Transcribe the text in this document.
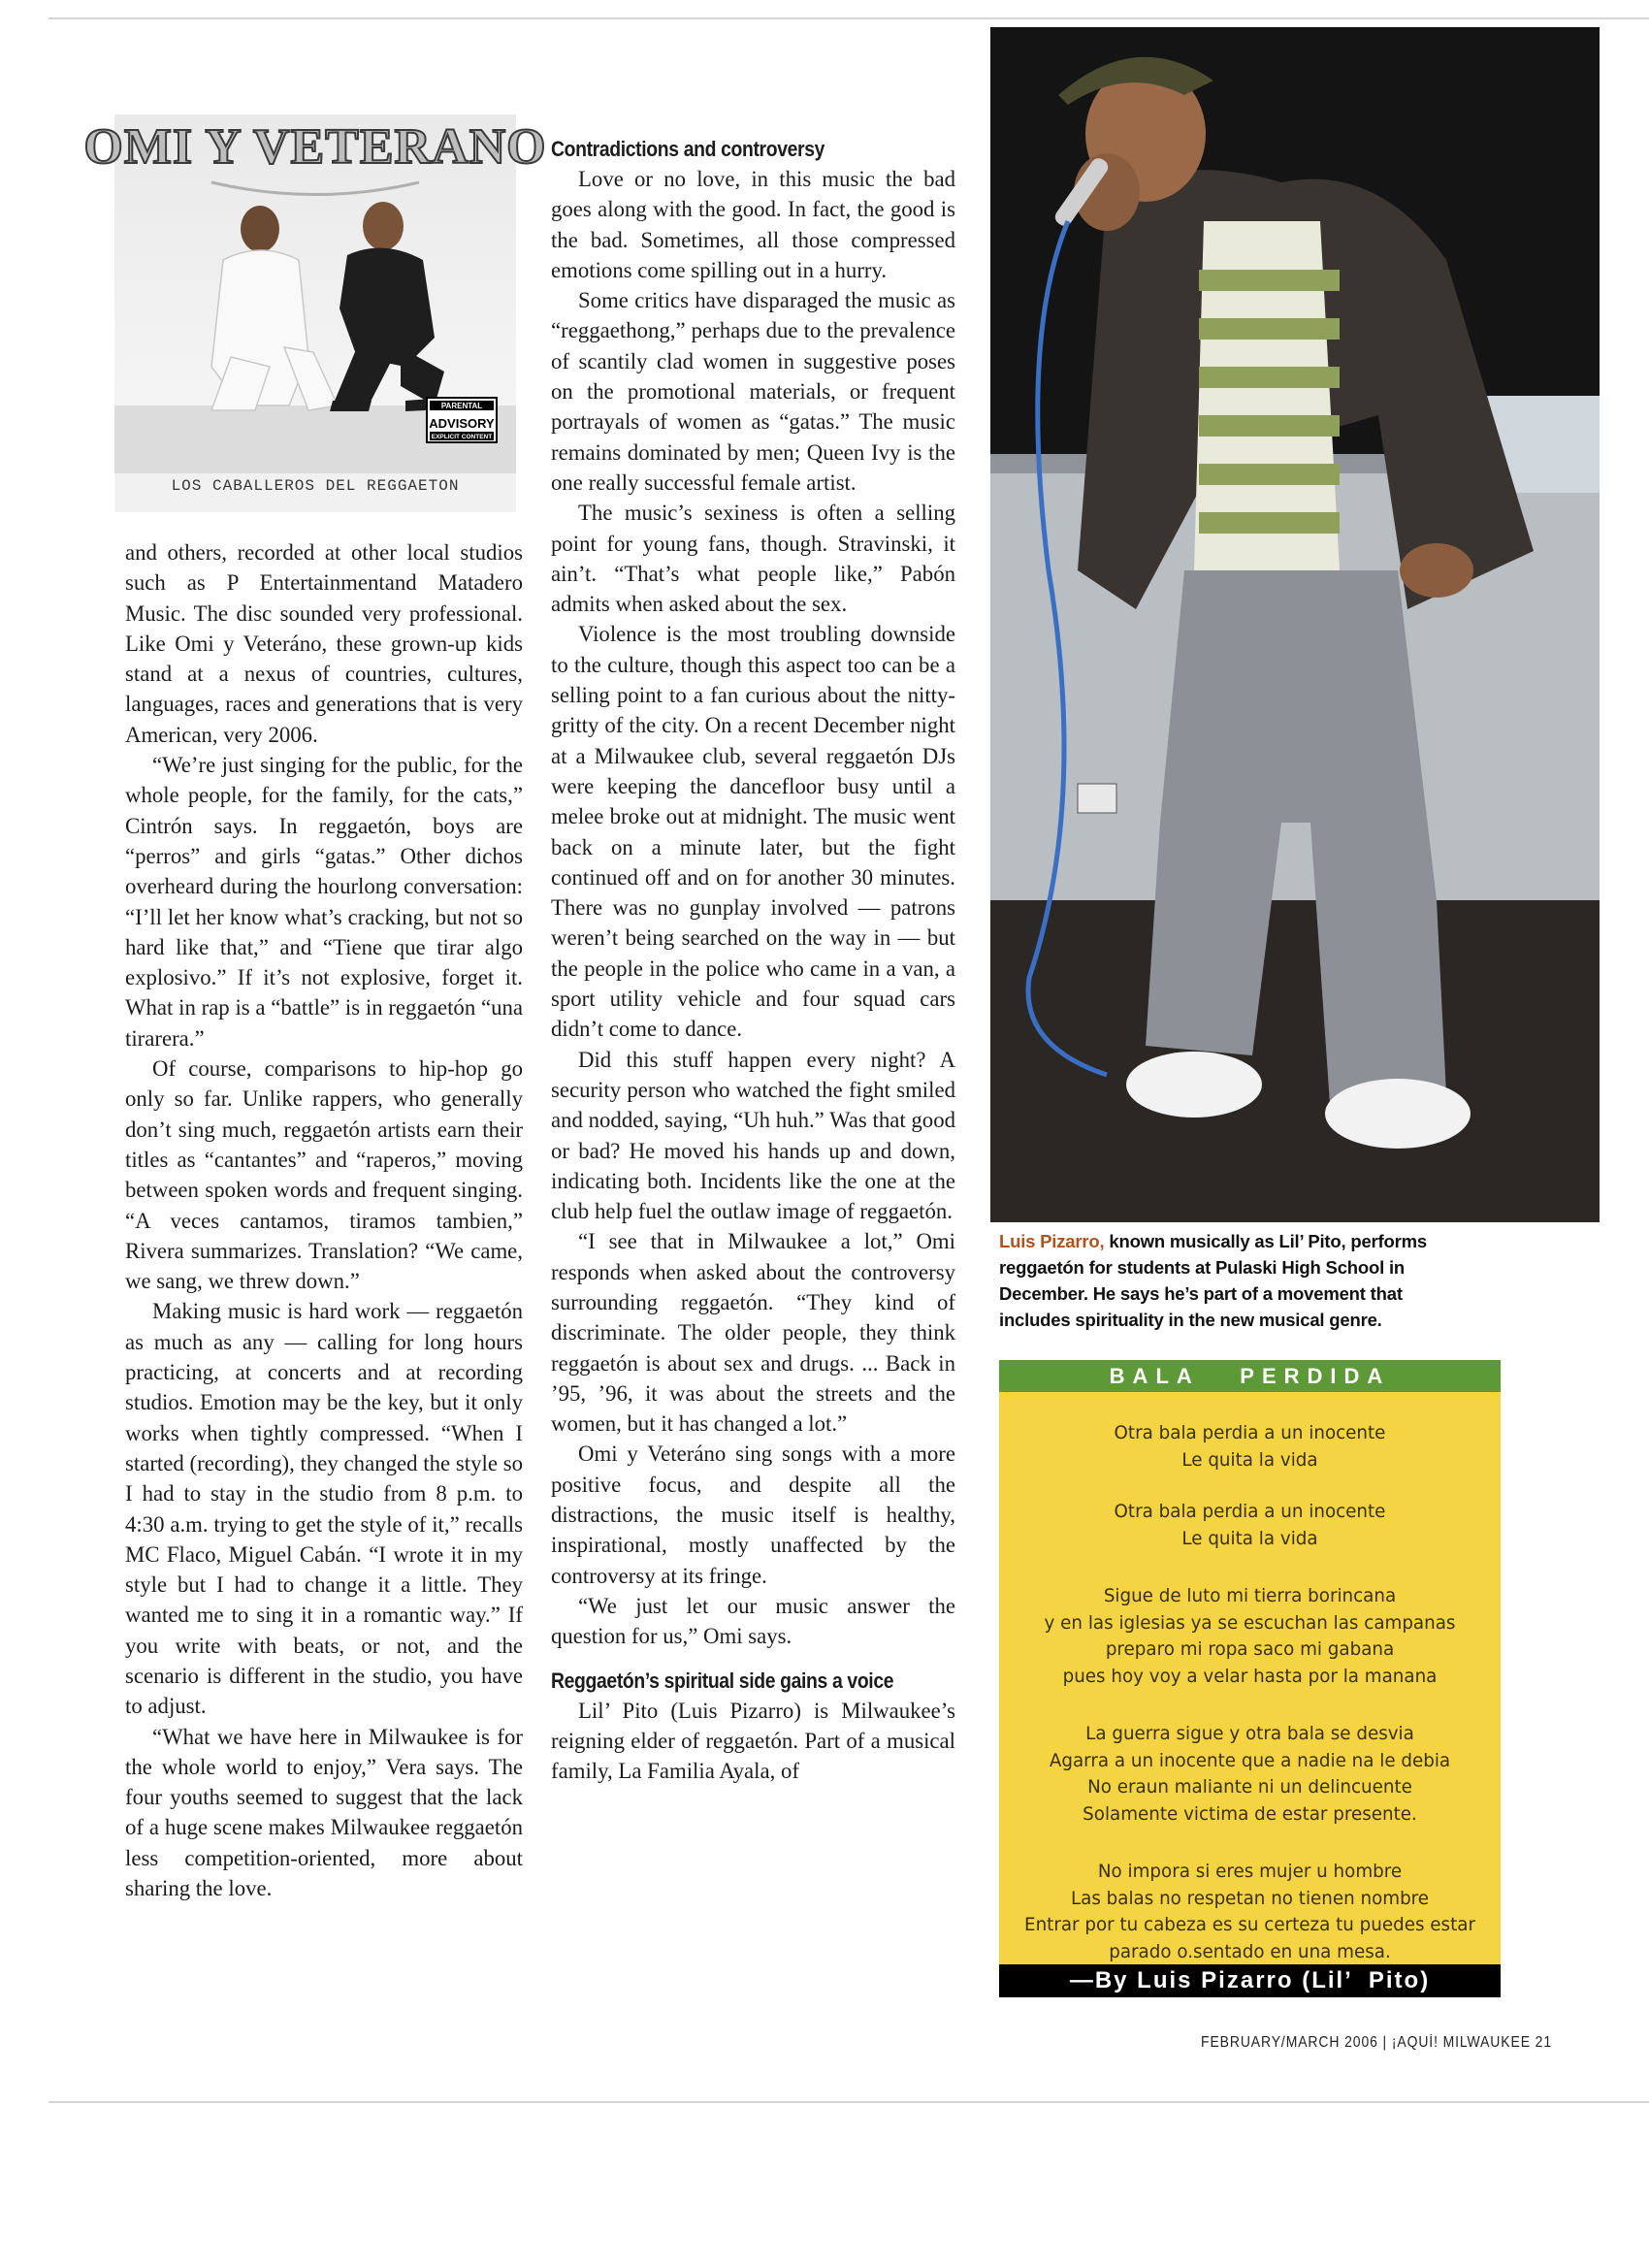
OMI Y VETERANO
PARENTAL
ADVISORY
EXPLICIT CONTENT
LOS CABALLEROS DEL REGGAETON

and others, recorded at other local studios such as P Entertainmentand Matadero Music. The disc sounded very professional. Like Omi y Veteráno, these grown-up kids stand at a nexus of countries, cultures, languages, races and generations that is very American, very 2006.

“We’re just singing for the public, for the whole people, for the family, for the cats,” Cintrón says. In reggaetón, boys are “perros” and girls “gatas.” Other dichos overheard during the hourlong conversation: “I’ll let her know what’s cracking, but not so hard like that,” and “Tiene que tirar algo explosivo.” If it’s not explosive, forget it. What in rap is a “battle” is in reggaetón “una tirarera.”

Of course, comparisons to hip-hop go only so far. Unlike rappers, who generally don’t sing much, reggaetón artists earn their titles as “cantantes” and “raperos,” moving between spoken words and frequent singing. “A veces cantamos, tiramos tambien,” Rivera summarizes. Translation? “We came, we sang, we threw down.”

Making music is hard work — reggaetón as much as any — calling for long hours practicing, at concerts and at recording studios. Emotion may be the key, but it only works when tightly compressed. “When I started (recording), they changed the style so I had to stay in the studio from 8 p.m. to 4:30 a.m. trying to get the style of it,” recalls MC Flaco, Miguel Cabán. “I wrote it in my style but I had to change it a little. They wanted me to sing it in a romantic way.” If you write with beats, or not, and the scenario is different in the studio, you have to adjust.

“What we have here in Milwaukee is for the whole world to enjoy,” Vera says. The four youths seemed to suggest that the lack of a huge scene makes Milwaukee reggaetón less competition-oriented, more about sharing the love.

Contradictions and controversy

Love or no love, in this music the bad goes along with the good. In fact, the good is the bad. Sometimes, all those compressed emotions come spilling out in a hurry.

Some critics have disparaged the music as “reggaethong,” perhaps due to the prevalence of scantily clad women in suggestive poses on the promotional materials, or frequent portrayals of women as “gatas.” The music remains dominated by men; Queen Ivy is the one really successful female artist.

The music’s sexiness is often a selling point for young fans, though. Stravinski, it ain’t. “That’s what people like,” Pabón admits when asked about the sex.

Violence is the most troubling downside to the culture, though this aspect too can be a selling point to a fan curious about the nitty-gritty of the city. On a recent December night at a Milwaukee club, several reggaetón DJs were keeping the dancefloor busy until a melee broke out at midnight. The music went back on a minute later, but the fight continued off and on for another 30 minutes. There was no gunplay involved — patrons weren’t being searched on the way in — but the people in the police who came in a van, a sport utility vehicle and four squad cars didn’t come to dance.

Did this stuff happen every night? A security person who watched the fight smiled and nodded, saying, “Uh huh.” Was that good or bad? He moved his hands up and down, indicating both. Incidents like the one at the club help fuel the outlaw image of reggaetón.

“I see that in Milwaukee a lot,” Omi responds when asked about the controversy surrounding reggaetón. “They kind of discriminate. The older people, they think reggaetón is about sex and drugs. ... Back in ’95, ’96, it was about the streets and the women, but it has changed a lot.”

Omi y Veteráno sing songs with a more positive focus, and despite all the distractions, the music itself is healthy, inspirational, mostly unaffected by the controversy at its fringe.

“We just let our music answer the question for us,” Omi says.

Reggaetón’s spiritual side gains a voice

Lil’ Pito (Luis Pizarro) is Milwaukee’s reigning elder of reggaetón. Part of a musical family, La Familia Ayala, of

Luis Pizarro, known musically as Lil’ Pito, performs reggaetón for students at Pulaski High School in December. He says he’s part of a movement that includes spirituality in the new musical genre.
BALA   PERDIDA
Otra bala perdia a un inocente
Le quita la vida
Otra bala perdia a un inocente
Le quita la vida
Sigue de luto mi tierra borincana
y en las iglesias ya se escuchan las campanas
preparo mi ropa saco mi gabana
pues hoy voy a velar hasta por la manana
La guerra sigue y otra bala se desvia
Agarra a un inocente que a nadie na le debia
No eraun maliante ni un delincuente
Solamente victima de estar presente.
No impora si eres mujer u hombre
Las balas no respetan no tienen nombre
Entrar por tu cabeza es su certeza tu puedes estar
parado o.sentado en una mesa.
—By Luis Pizarro (Lil’  Pito)
FEBRUARY/MARCH 2006 | ¡AQUÍ! MILWAUKEE 21
